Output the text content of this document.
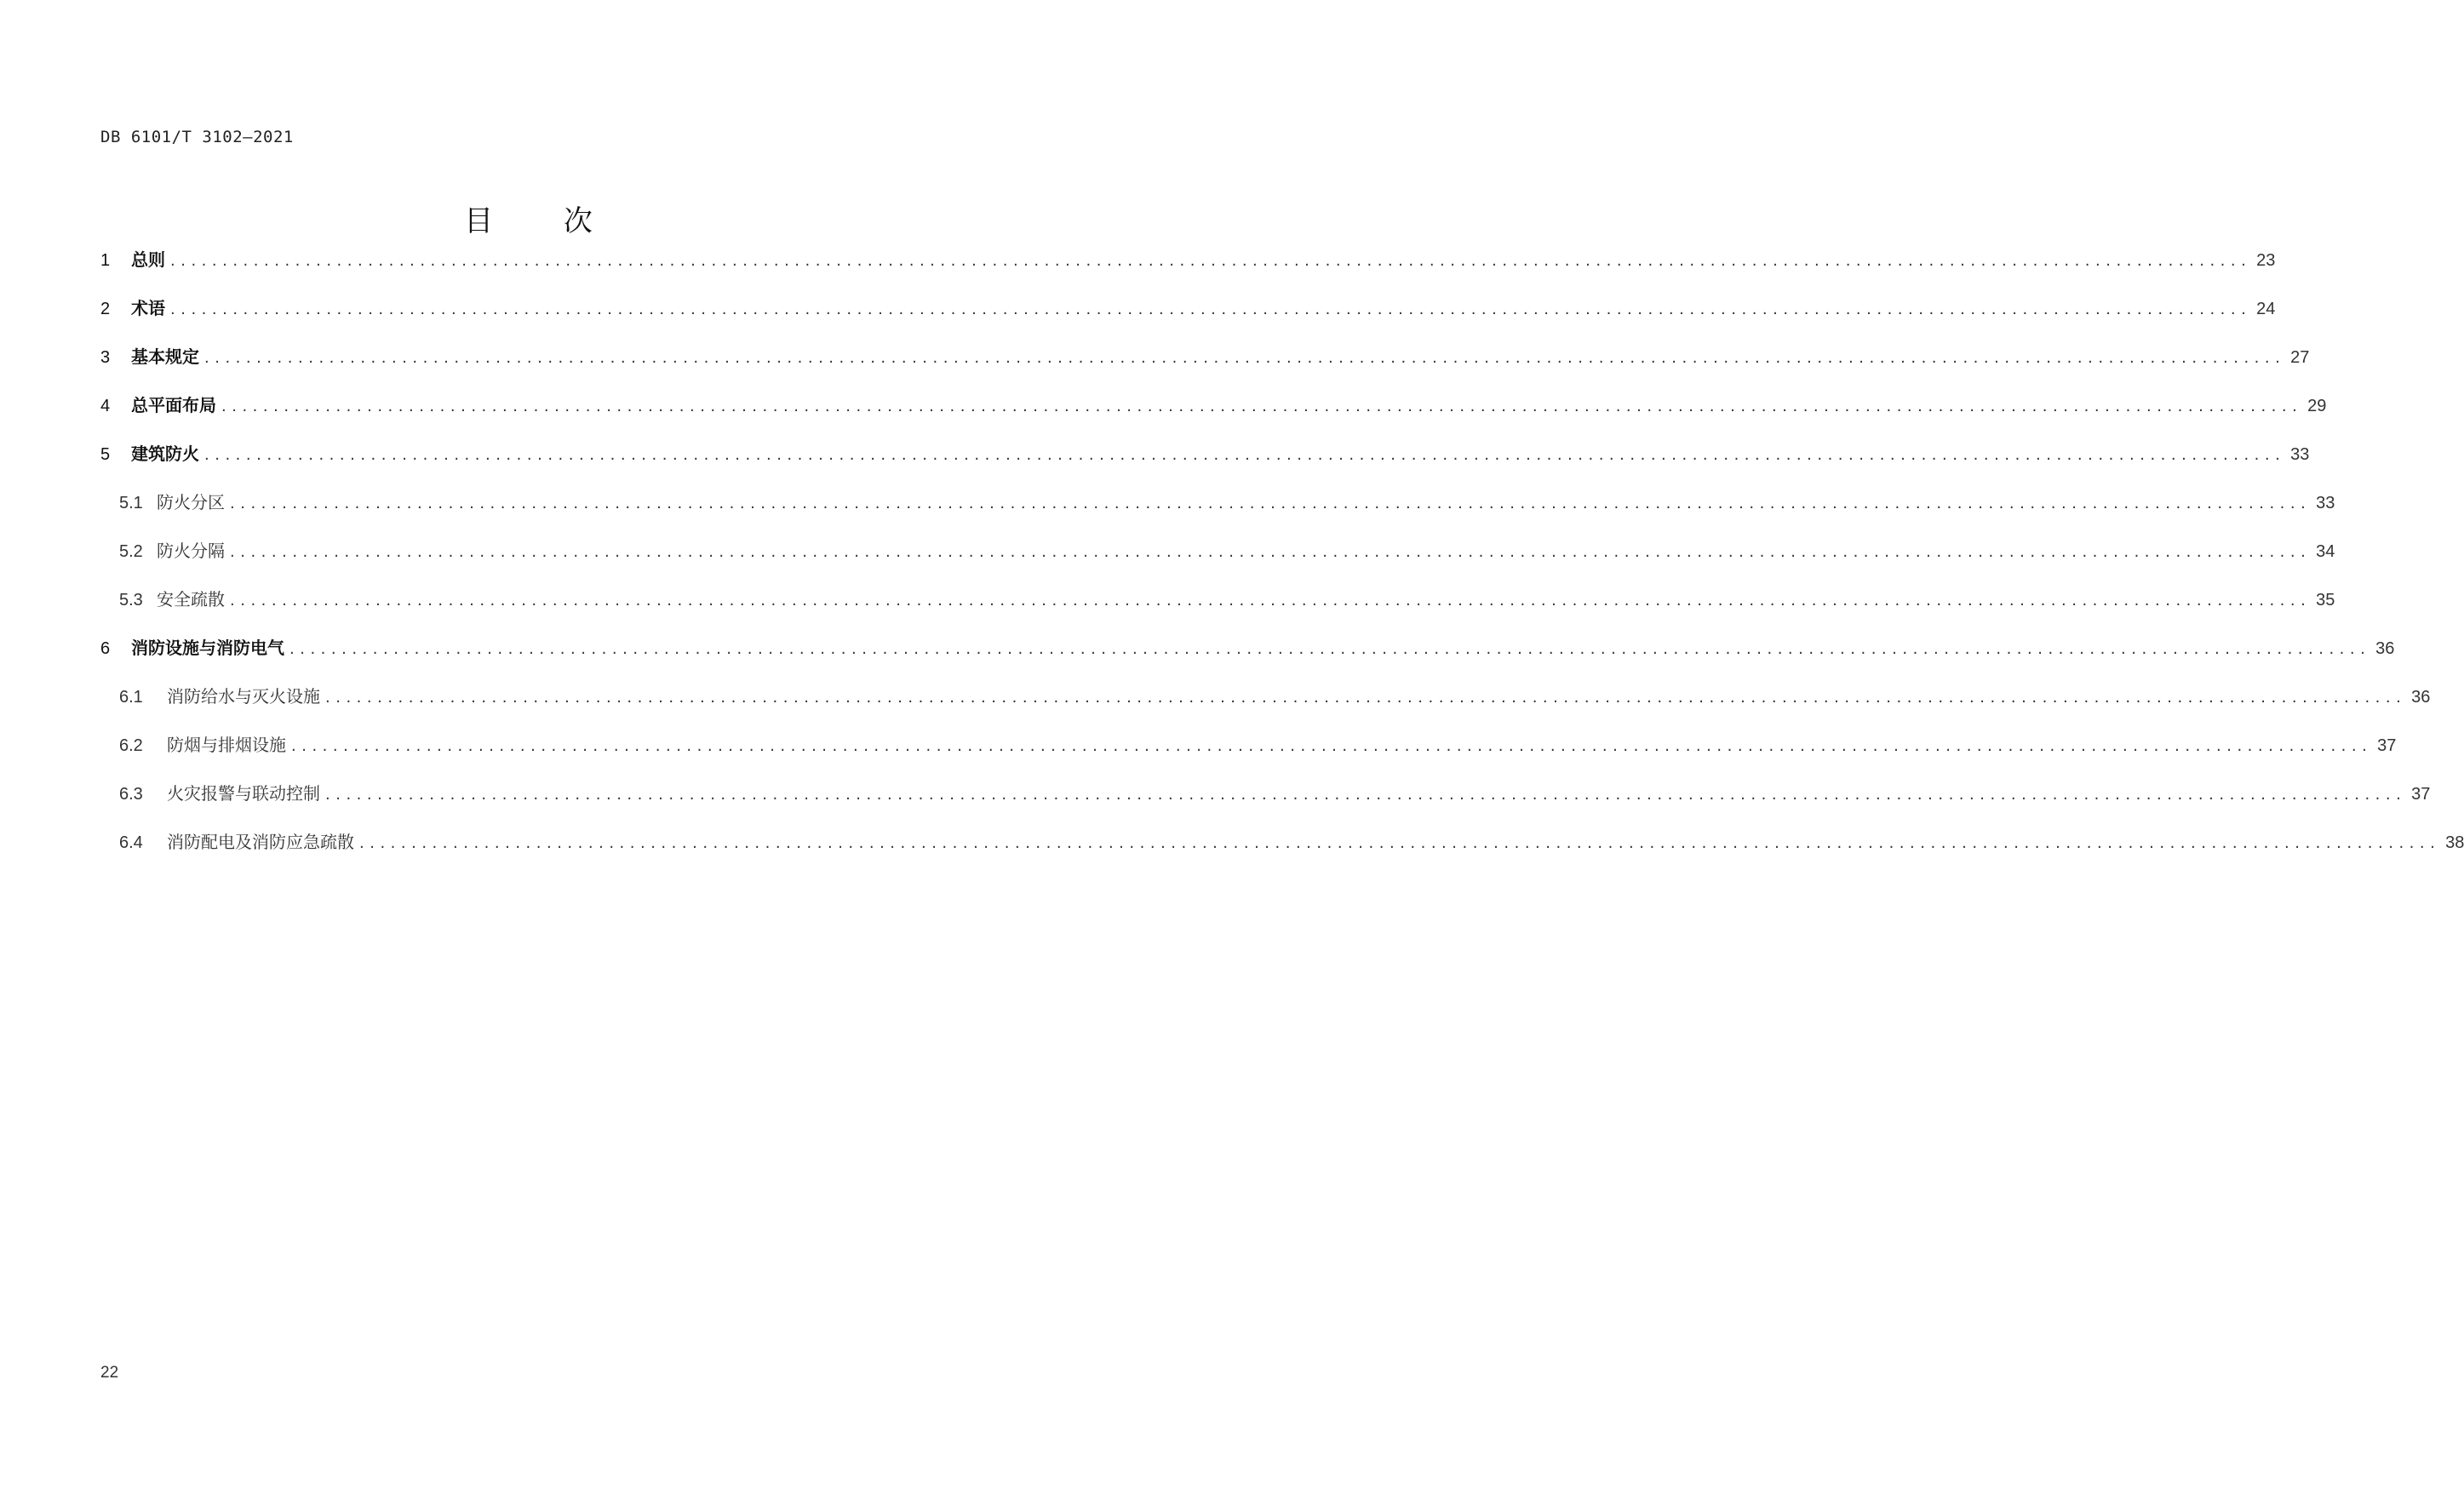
DB 6101/T 3102—2021
目 次
1	总则 ........................................................................................................................................................................................................ 23
2	术语 ........................................................................................................................................................................................................ 24
3	基本规定 ........................................................................................................................................................................................................ 27
4	总平面布局 ........................................................................................................................................................................................................ 29
5	建筑防火 ........................................................................................................................................................................................................ 33
5.1 防火分区 ........................................................................................................................................................................................................ 33
5.2 防火分隔 ........................................................................................................................................................................................................ 34
5.3 安全疏散 ........................................................................................................................................................................................................ 35
6	消防设施与消防电气 ........................................................................................................................................................................................................ 36
6.1	消防给水与灭火设施 ........................................................................................................................................................................................................ 36
6.2	防烟与排烟设施 ........................................................................................................................................................................................................ 37
6.3	火灾报警与联动控制 ........................................................................................................................................................................................................ 37
6.4	消防配电及消防应急疏散 ........................................................................................................................................................................................................ 38
22
